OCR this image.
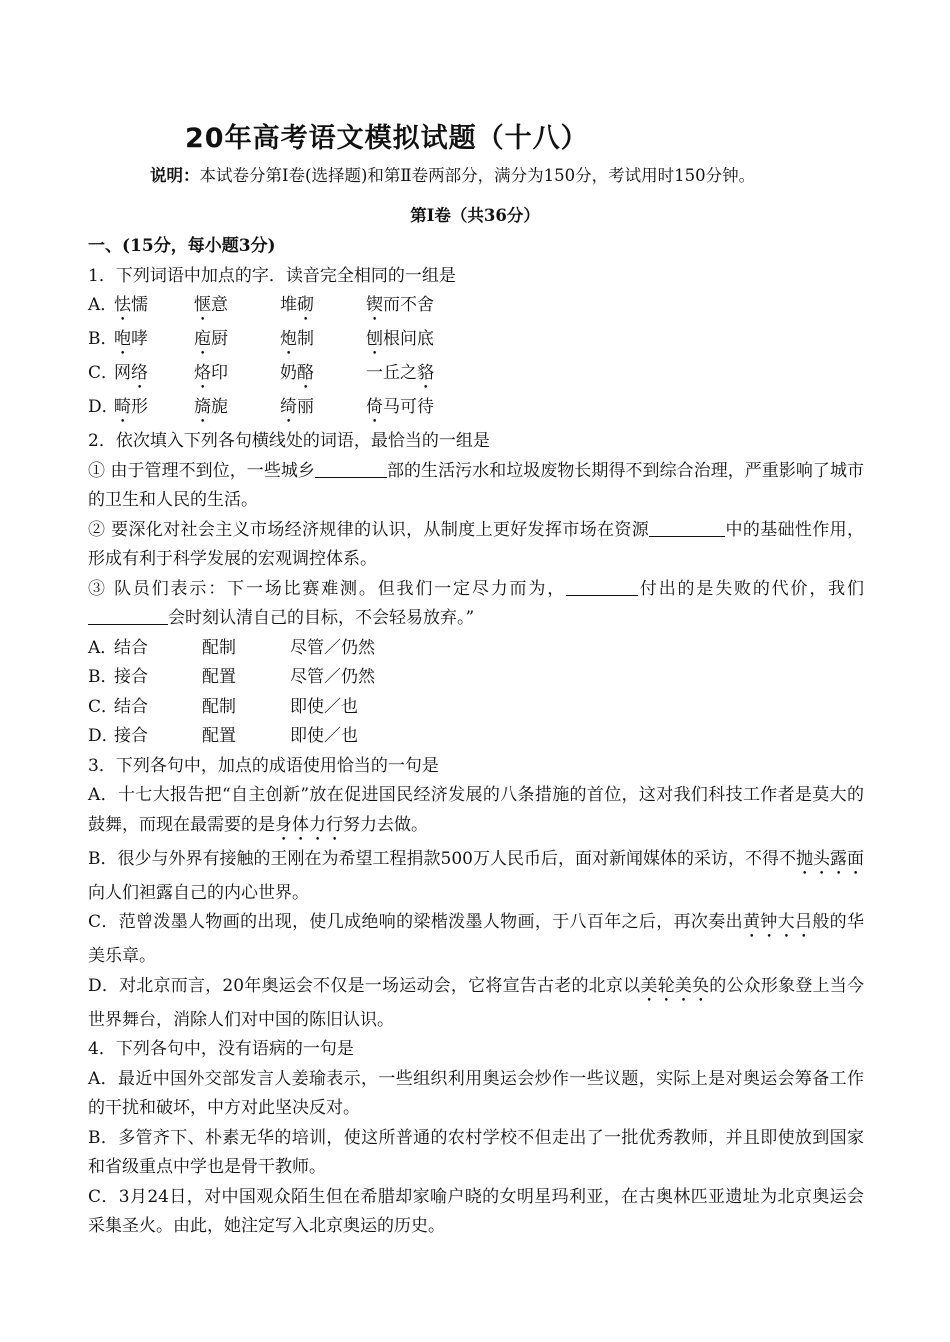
20年高考语文模拟试题（十八）
说明：本试卷分第Ⅰ卷(选择题)和第Ⅱ卷两部分，满分为150分，考试用时150分钟。
第Ⅰ卷（共36分）
一、(15分，每小题3分)
1．下列词语中加点的字．读音完全相同的一组是
A．
怯懦	惬意	堆砌	锲而不舍
B．
咆哮	庖厨	炮制	刨根问底
C．
网络	烙印	奶酪	一丘之貉
D．
畸形	旖旎	绮丽	倚马可待
2．依次填入下列各句横线处的词语，最恰当的一组是
① 由于管理不到位，一些城乡	部的生活污水和垃圾废物长期得不到综合治理，严重影响了城市的卫生和人民的生活。
② 要深化对社会主义市场经济规律的认识，从制度上更好发挥市场在资源	中的基础性作用，形成有利于科学发展的宏观调控体系。
③ 队员们表示：下一场比赛难测。但我们一定尽力而为，	付出的是失败的代价，我们会时刻认清自己的目标，不会轻易放弃。”
A．
结合	配制	尽管／仍然
B．
接合	配置	尽管／仍然
C．
结合	配制	即使／也
D．
接合	配置	即使／也
3．下列各句中，加点的成语使用恰当的一句是
A．十七大报告把“自主创新”放在促进国民经济发展的八条措施的首位，这对我们科技工作者是莫大的鼓舞，而现在最需要的是身体力行努力去做。
B．很少与外界有接触的王刚在为希望工程捐款500万人民币后，面对新闻媒体的采访，不得不抛头露面向人们袒露自己的内心世界。
C．范曾泼墨人物画的出现，使几成绝响的梁楷泼墨人物画，于八百年之后，再次奏出黄钟大吕般的华美乐章。
D．对北京而言，20年奥运会不仅是一场运动会，它将宣告古老的北京以美轮美奂的公众形象登上当今世界舞台，消除人们对中国的陈旧认识。
4．下列各句中，没有语病的一句是
A．最近中国外交部发言人姜瑜表示，一些组织利用奥运会炒作一些议题，实际上是对奥运会筹备工作的干扰和破坏，中方对此坚决反对。
B．多管齐下、朴素无华的培训，使这所普通的农村学校不但走出了一批优秀教师，并且即使放到国家和省级重点中学也是骨干教师。
C．3月24日，对中国观众陌生但在希腊却家喻户晓的女明星玛利亚，在古奥林匹亚遗址为北京奥运会采集圣火。由此，她注定写入北京奥运的历史。
